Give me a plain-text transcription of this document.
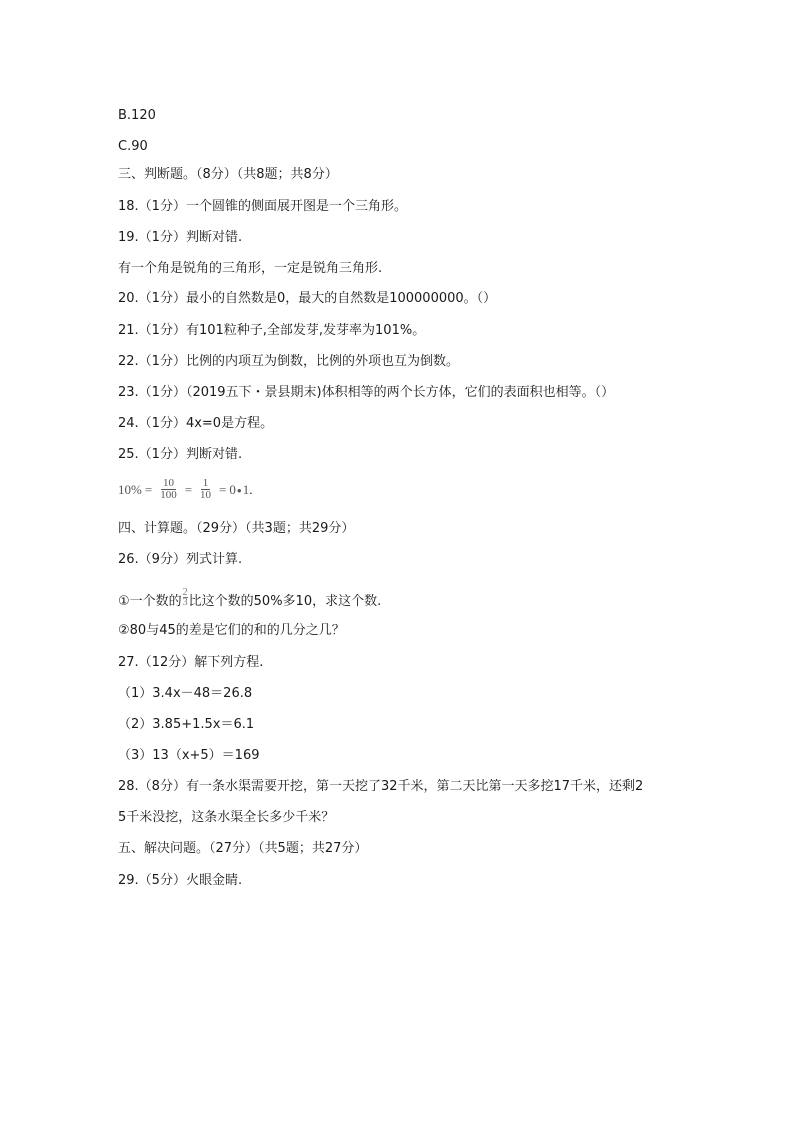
B.120
C.90
三、判断题。（8分）（共8题；共8分）
18.（1分）一个圆锥的侧面展开图是一个三角形。
19.（1分）判断对错.
有一个角是锐角的三角形，一定是锐角三角形.
20.（1分）最小的自然数是0，最大的自然数是100000000。（）
21.（1分）有101粒种子,全部发芽,发芽率为101%。
22.（1分）比例的内项互为倒数，比例的外项也互为倒数。
23.（1分）（2019五下・景县期末)体积相等的两个长方体，它们的表面积也相等。（）
24.（1分）4x=0是方程。
25.（1分）判断对错.
$10\% = \frac{10}{100} = \frac{1}{10} = 0$ ● 1 .
四、计算题。（29分）（共3题；共29分）
26.（9分）列式计算.
①一个数的 $\frac{2}{3}$ 比这个数的50%多10，求这个数.
②80与45的差是它们的和的几分之几？
27.（12分）解下列方程.
（1）3.4x－48＝26.8
（2）3.85+1.5x＝6.1
（3）13（x+5）＝169
28.（8分）有一条水渠需要开挖，第一天挖了32千米，第二天比第一天多挖17千米，还剩2
5千米没挖，这条水渠全长多少千米？
五、解决问题。（27分）（共5题；共27分）
29.（5分）火眼金睛.
